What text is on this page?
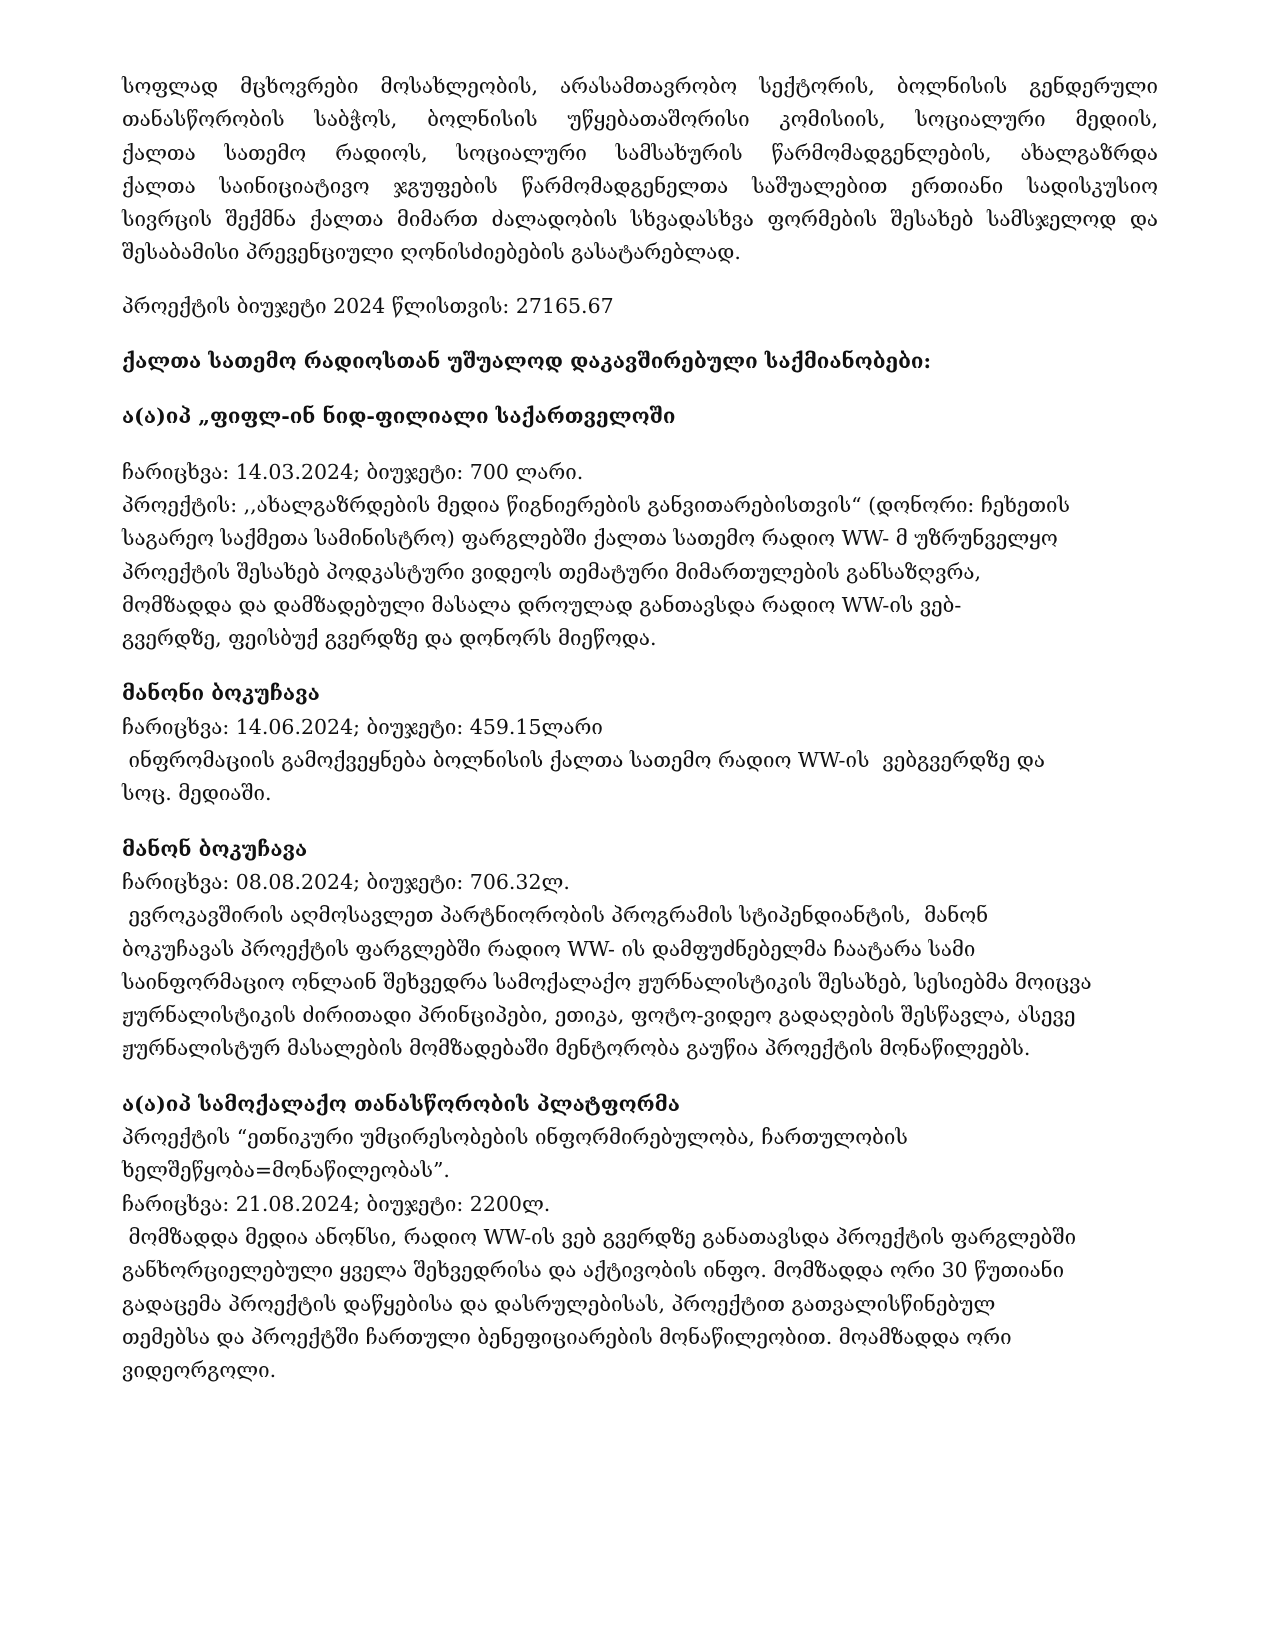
სოფლად მცხოვრები მოსახლეობის, არასამთავრობო სექტორის, ბოლნისის გენდერული
თანასწორობის საბჭოს, ბოლნისის უწყებათაშორისი კომისიის, სოციალური მედიის,
ქალთა სათემო რადიოს, სოციალური სამსახურის წარმომადგენლების, ახალგაზრდა
ქალთა საინიციატივო ჯგუფების წარმომადგენელთა საშუალებით ერთიანი სადისკუსიო
სივრცის შექმნა ქალთა მიმართ ძალადობის სხვადასხვა ფორმების შესახებ სამსჯელოდ და
შესაბამისი პრევენციული ღონისძიებების გასატარებლად.

პროექტის ბიუჯეტი 2024 წლისთვის: 27165.67

ქალთა სათემო რადიოსთან უშუალოდ დაკავშირებული საქმიანობები:

ა(ა)იპ „ფიფლ-ინ ნიდ-ფილიალი საქართველოში

ჩარიცხვა: 14.03.2024; ბიუჯეტი: 700 ლარი.
პროექტის: ,,ახალგაზრდების მედია წიგნიერების განვითარებისთვის“ (დონორი: ჩეხეთის
საგარეო საქმეთა სამინისტრო) ფარგლებში ქალთა სათემო რადიო WW- მ უზრუნველყო
პროექტის შესახებ პოდკასტური ვიდეოს თემატური მიმართულების განსაზღვრა,
მომზადდა და დამზადებული მასალა დროულად განთავსდა რადიო WW-ის ვებ-
გვერდზე, ფეისბუქ გვერდზე და დონორს მიეწოდა.

მანონი ბოკუჩავა

ჩარიცხვა: 14.06.2024; ბიუჯეტი: 459.15ლარი
ინფრომაციის გამოქვეყნება ბოლნისის ქალთა სათემო რადიო WW-ის  ვებგვერდზე და
სოც. მედიაში.

მანონ ბოკუჩავა

ჩარიცხვა: 08.08.2024; ბიუჯეტი: 706.32ლ.
ევროკავშირის აღმოსავლეთ პარტნიორობის პროგრამის სტიპენდიანტის,  მანონ
ბოკუჩავას პროექტის ფარგლებში რადიო WW- ის დამფუძნებელმა ჩაატარა სამი
საინფორმაციო ონლაინ შეხვედრა სამოქალაქო ჟურნალისტიკის შესახებ, სესიებმა მოიცვა
ჟურნალისტიკის ძირითადი პრინციპები, ეთიკა, ფოტო-ვიდეო გადაღების შესწავლა, ასევე
ჟურნალისტურ მასალების მომზადებაში მენტორობა გაუწია პროექტის მონაწილეებს.

ა(ა)იპ სამოქალაქო თანასწორობის პლატფორმა

პროექტის “ეთნიკური უმცირესობების ინფორმირებულობა, ჩართულობის
ხელშეწყობა=მონაწილეობას”.
ჩარიცხვა: 21.08.2024; ბიუჯეტი: 2200ლ.
მომზადდა მედია ანონსი, რადიო WW-ის ვებ გვერდზე განათავსდა პროექტის ფარგლებში
განხორციელებული ყველა შეხვედრისა და აქტივობის ინფო. მომზადდა ორი 30 წუთიანი
გადაცემა პროექტის დაწყებისა და დასრულებისას, პროექტით გათვალისწინებულ
თემებსა და პროექტში ჩართული ბენეფიციარების მონაწილეობით. მოამზადდა ორი
ვიდეორგოლი.
